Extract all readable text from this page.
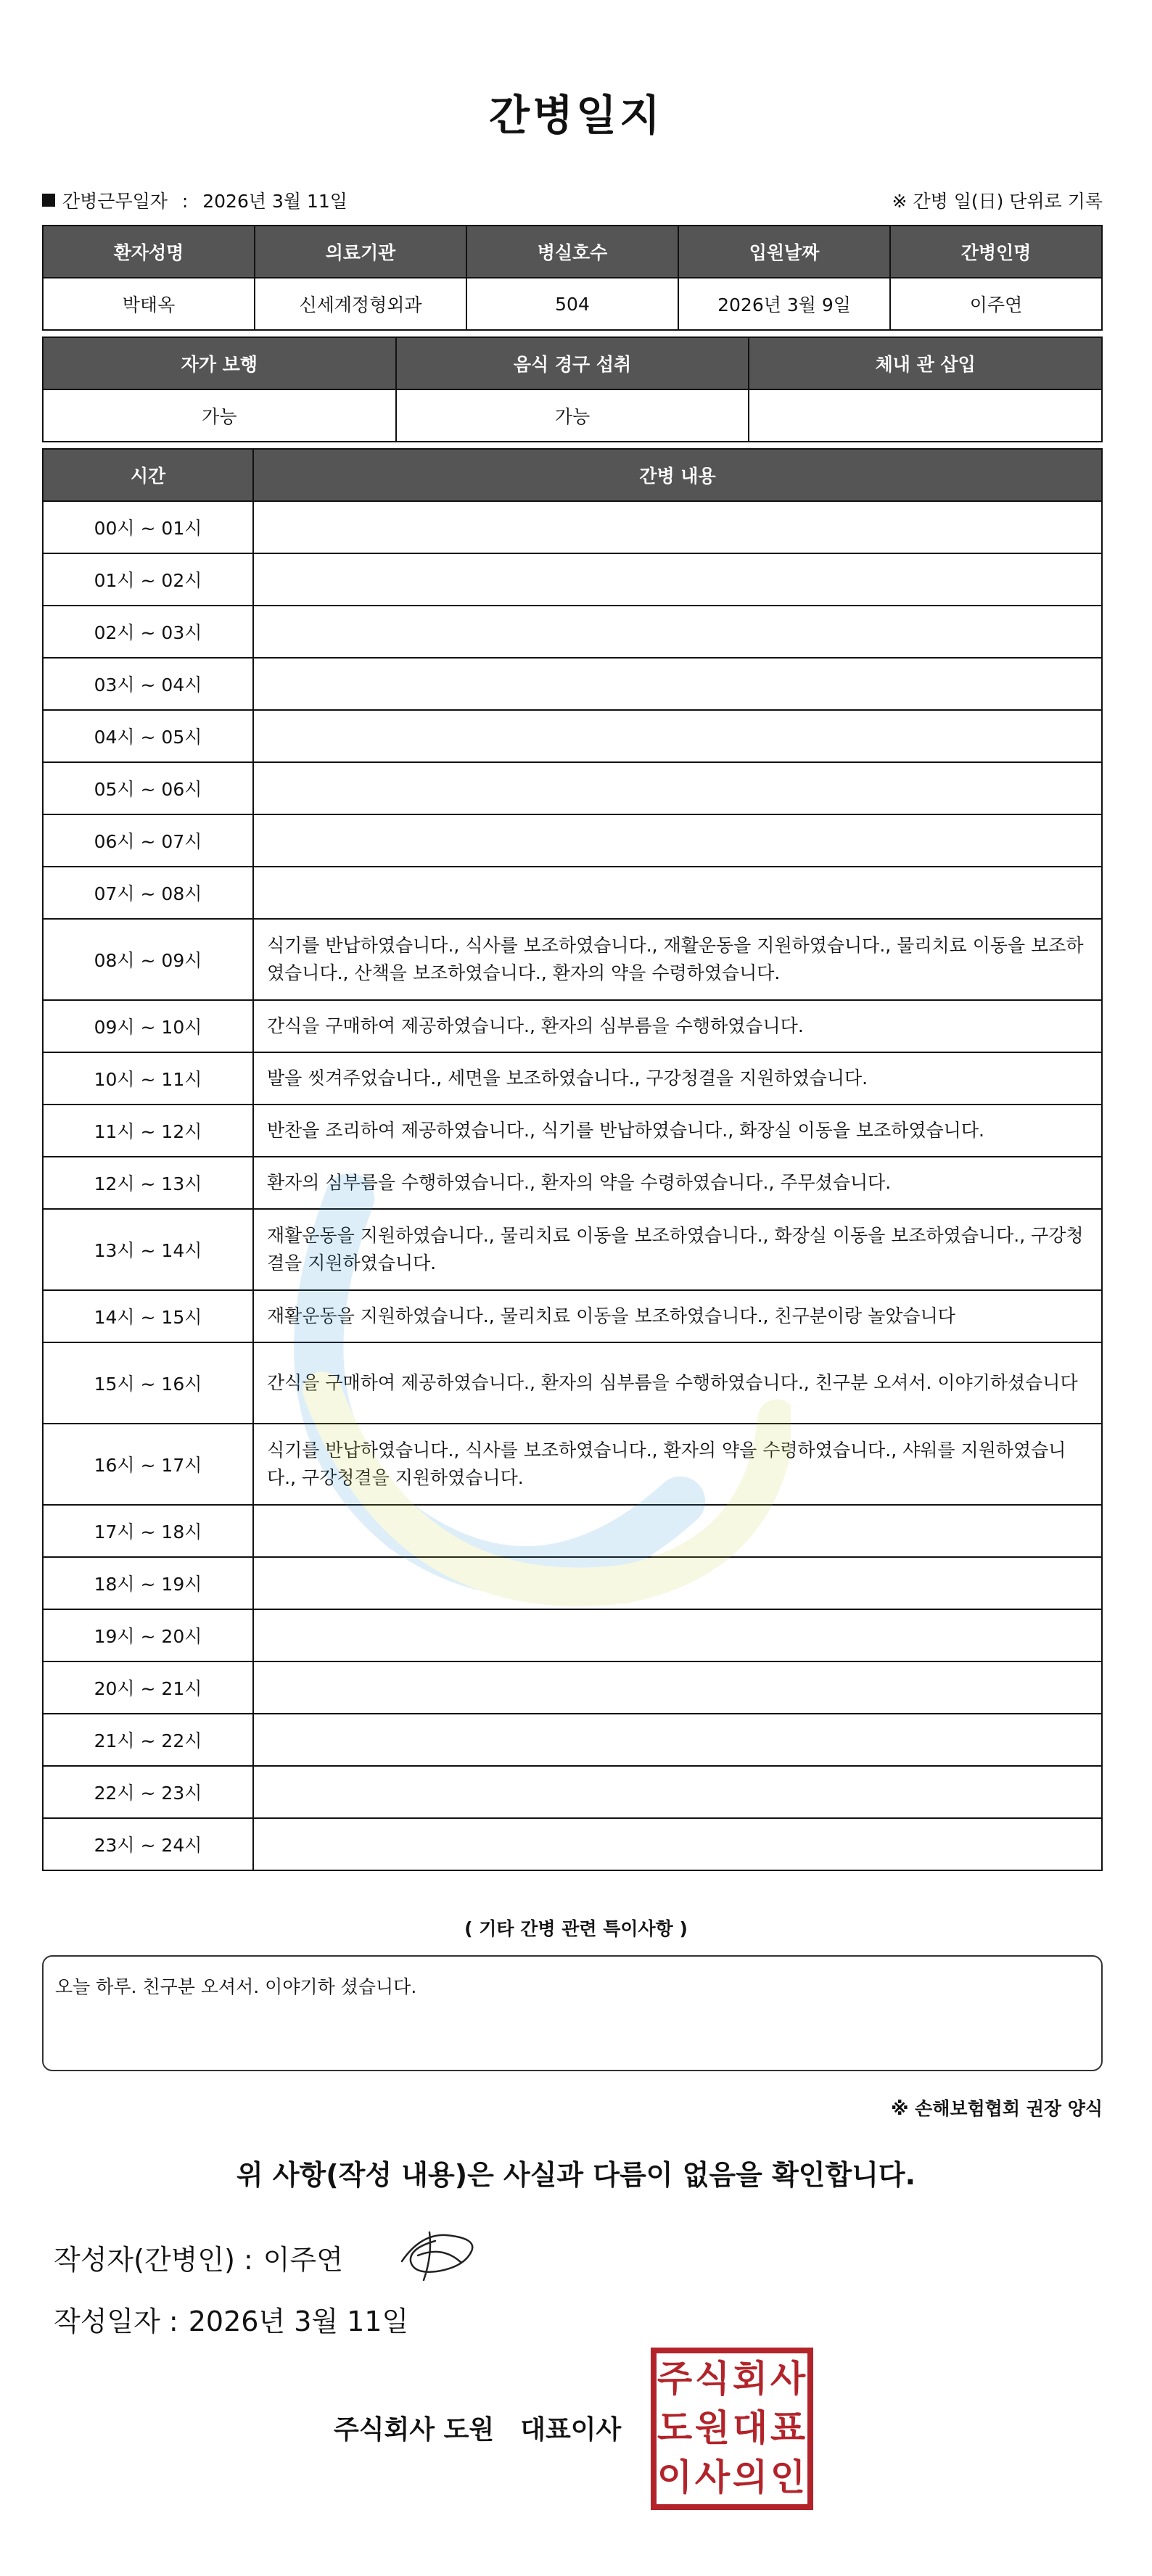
간병일지
간병근무일자 : 2026년 3월 11일	※ 간병 일(日) 단위로 기록
환자성명	의료기관	병실호수	입원날짜	간병인명
박태옥	신세계정형외과	504	2026년 3월 9일	이주연
자가 보행	음식 경구 섭취	체내 관 삽입
가능	가능	
시간	간병 내용
00시 ~ 01시	
01시 ~ 02시	
02시 ~ 03시	
03시 ~ 04시	
04시 ~ 05시	
05시 ~ 06시	
06시 ~ 07시	
07시 ~ 08시	
08시 ~ 09시	식기를 반납하였습니다., 식사를 보조하였습니다., 재활운동을 지원하였습니다., 물리치료 이동을 보조하였습니다., 산책을 보조하였습니다., 환자의 약을 수령하였습니다.
09시 ~ 10시	간식을 구매하여 제공하였습니다., 환자의 심부름을 수행하였습니다.
10시 ~ 11시	발을 씻겨주었습니다., 세면을 보조하였습니다., 구강청결을 지원하였습니다.
11시 ~ 12시	반찬을 조리하여 제공하였습니다., 식기를 반납하였습니다., 화장실 이동을 보조하였습니다.
12시 ~ 13시	환자의 심부름을 수행하였습니다., 환자의 약을 수령하였습니다., 주무셨습니다.
13시 ~ 14시	재활운동을 지원하였습니다., 물리치료 이동을 보조하였습니다., 화장실 이동을 보조하였습니다., 구강청결을 지원하였습니다.
14시 ~ 15시	재활운동을 지원하였습니다., 물리치료 이동을 보조하였습니다., 친구분이랑 놀았습니다
15시 ~ 16시	간식을 구매하여 제공하였습니다., 환자의 심부름을 수행하였습니다., 친구분 오셔서. 이야기하셨습니다
16시 ~ 17시	식기를 반납하였습니다., 식사를 보조하였습니다., 환자의 약을 수령하였습니다., 샤워를 지원하였습니다., 구강청결을 지원하였습니다.
17시 ~ 18시	
18시 ~ 19시	
19시 ~ 20시	
20시 ~ 21시	
21시 ~ 22시	
22시 ~ 23시	
23시 ~ 24시	
( 기타 간병 관련 특이사항 )
오늘 하루. 친구분 오셔서. 이야기하 셨습니다.
※ 손해보험협회 권장 양식
위 사항(작성 내용)은 사실과 다름이 없음을 확인합니다.
작성자(간병인) : 이주연
작성일자 : 2026년 3월 11일
주식회사 도원 대표이사
주 식 회 사
도 원 대 표
이 사 의 인
